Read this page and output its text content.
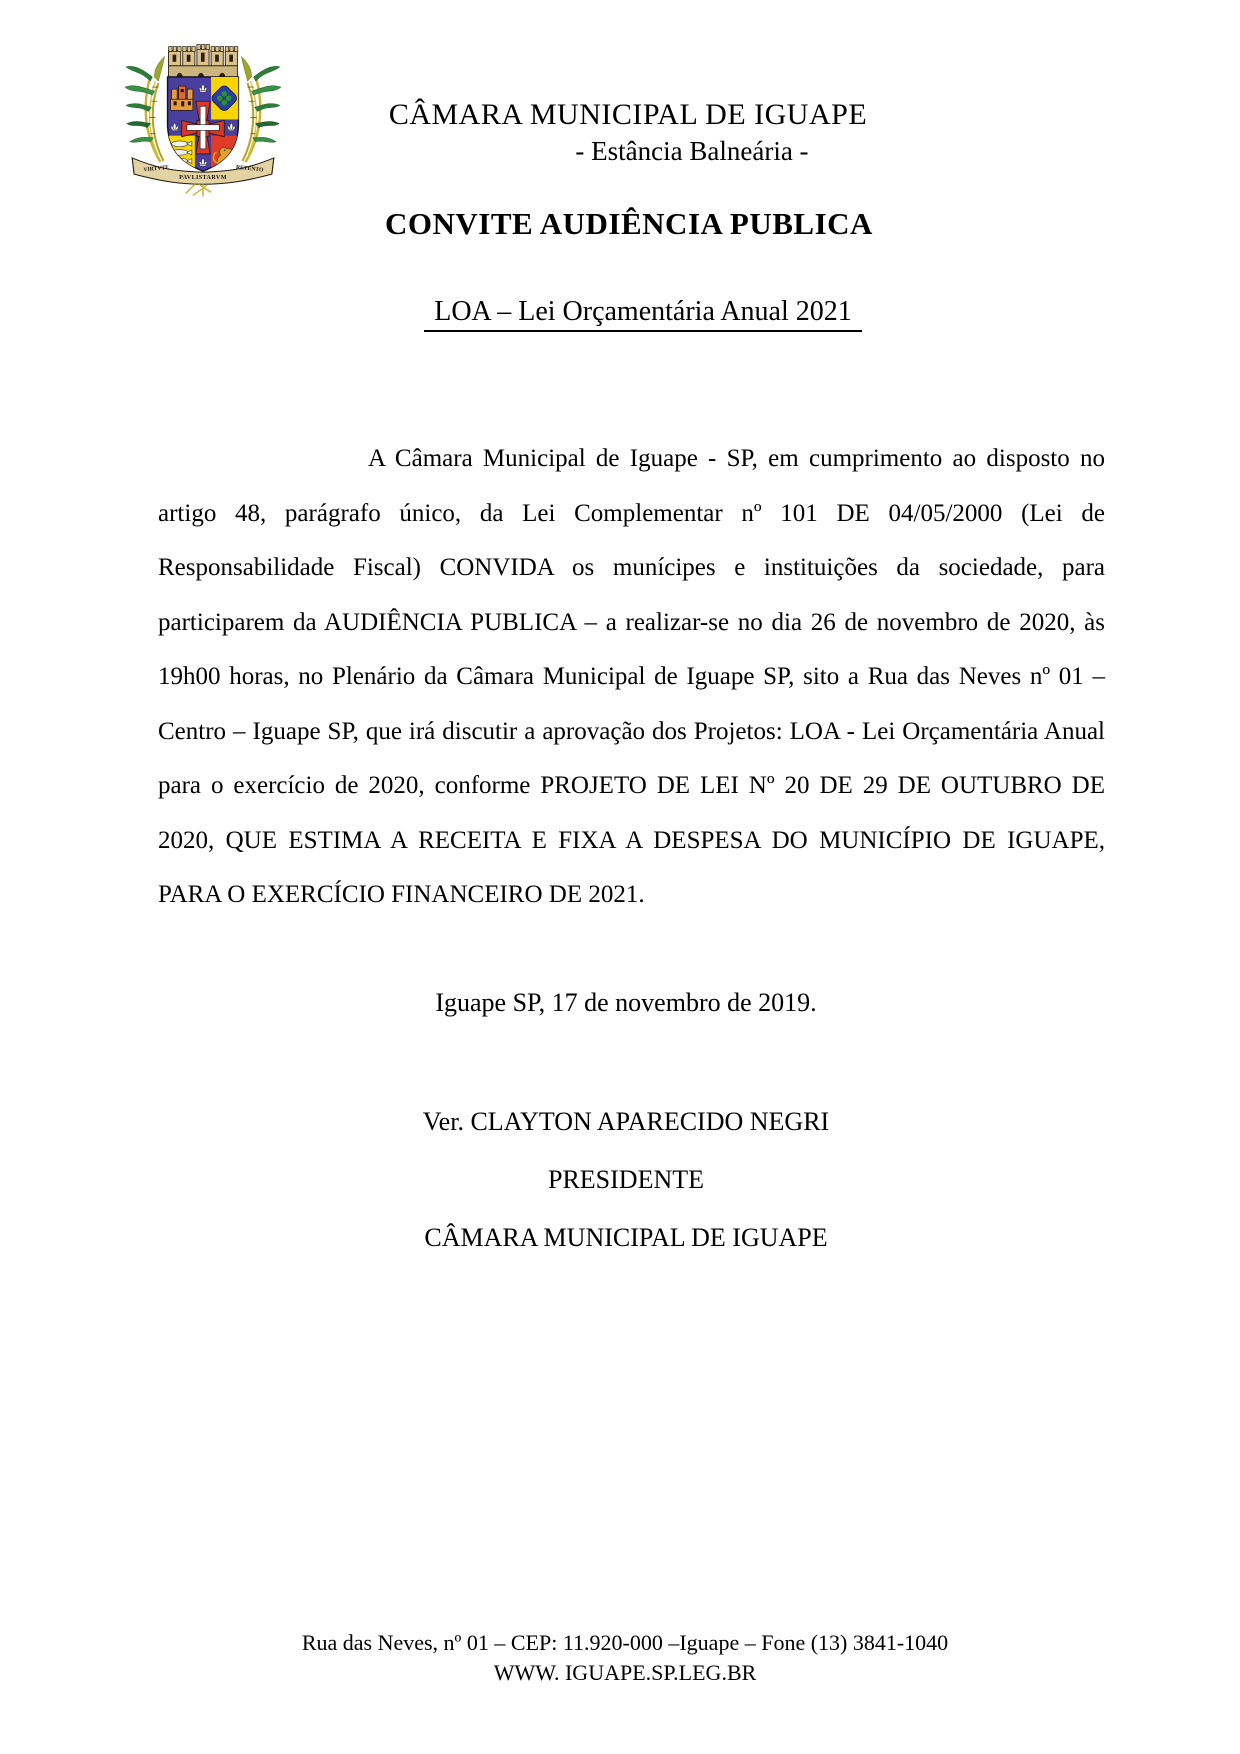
VIRTVTE
PAVLISTARVM
RETENTO
CÂMARA MUNICIPAL DE IGUAPE
- Estância Balneária -
CONVITE AUDIÊNCIA PUBLICA
LOA – Lei Orçamentária Anual 2021

A Câmara Municipal de Iguape - SP, em cumprimento ao disposto no artigo 48, parágrafo único, da Lei Complementar nº 101 DE 04/05/2000 (Lei de Responsabilidade Fiscal) CONVIDA os munícipes e instituições da sociedade, para participarem da AUDIÊNCIA PUBLICA – a realizar-se no dia 26 de novembro de 2020, às 19h00 horas, no Plenário da Câmara Municipal de Iguape SP, sito a Rua das Neves nº 01 – Centro – Iguape SP, que irá discutir a aprovação dos Projetos: LOA - Lei Orçamentária Anual para o exercício de 2020, conforme PROJETO DE LEI Nº 20 DE 29 DE OUTUBRO DE 2020, QUE ESTIMA A RECEITA E FIXA A DESPESA DO MUNICÍPIO DE IGUAPE, PARA O EXERCÍCIO FINANCEIRO DE 2021.

Iguape SP, 17 de novembro de 2019.
Ver. CLAYTON APARECIDO NEGRI
PRESIDENTE
CÂMARA MUNICIPAL DE IGUAPE
Rua das Neves, nº 01 – CEP: 11.920-000 –Iguape – Fone (13) 3841-1040
WWW. IGUAPE.SP.LEG.BR
